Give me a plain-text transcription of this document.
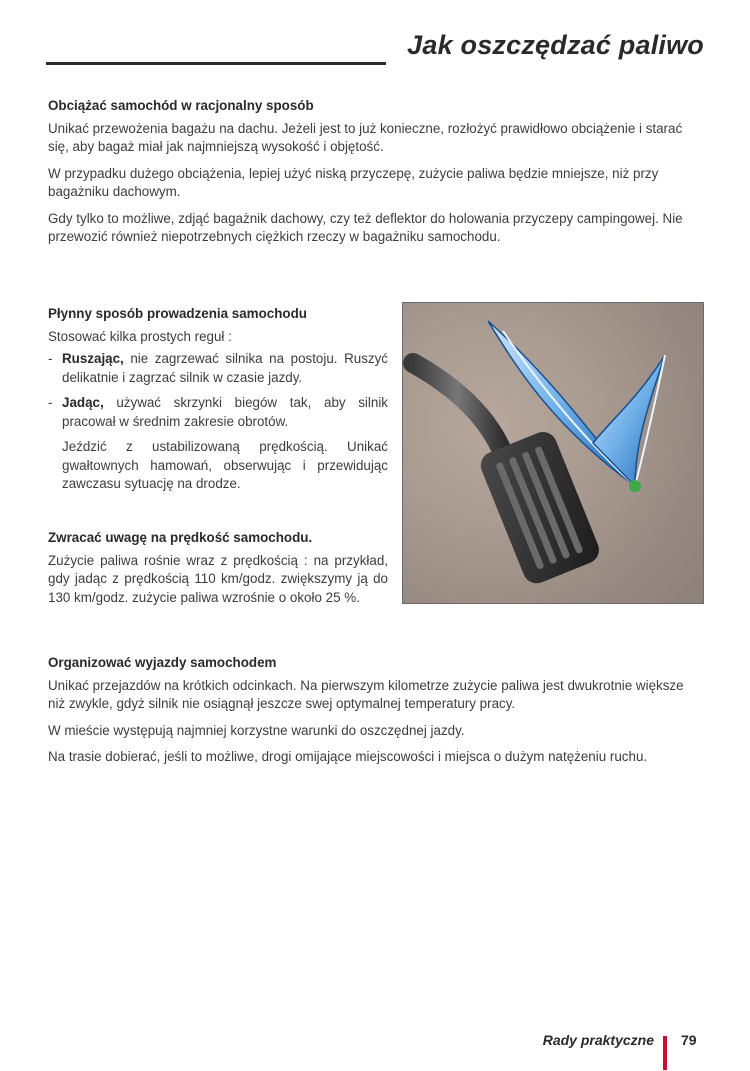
Jak oszczędzać paliwo
Obciążać samochód w racjonalny sposób

Unikać przewożenia bagażu na dachu. Jeżeli jest to już konieczne, rozłożyć prawidłowo obciążenie i starać się, aby bagaż miał jak najmniejszą wysokość i objętość.

W przypadku dużego obciążenia, lepiej użyć niską przyczepę, zużycie paliwa będzie mniejsze, niż przy bagażniku dachowym.

Gdy tylko to możliwe, zdjąć bagażnik dachowy, czy też deflektor do holowania przyczepy campingowej. Nie przewozić również niepotrzebnych ciężkich rzeczy w bagażniku samochodu.

Płynny sposób prowadzenia samochodu

Stosować kilka prostych reguł :

- Ruszając, nie zagrzewać silnika na postoju. Ruszyć delikatnie i zagrzać silnik w czasie jazdy.
- Jadąc, używać skrzynki biegów tak, aby silnik pracował w średnim zakresie obrotów.

Jeździć z ustabilizowaną prędkością. Unikać gwałtownych hamowań, obserwując i przewidując zawczasu sytuację na drodze.

Zwracać uwagę na prędkość samochodu.

Zużycie paliwa rośnie wraz z prędkością : na przykład, gdy jadąc z prędkością 110 km/godz. zwiększymy ją do 130 km/godz. zużycie paliwa wzrośnie o około 25 %.

Organizować wyjazdy samochodem

Unikać przejazdów na krótkich odcinkach. Na pierwszym kilometrze zużycie paliwa jest dwukrotnie większe niż zwykle, gdyż silnik nie osiągnął jeszcze swej optymalnej temperatury pracy.

W mieście występują najmniej korzystne warunki do oszczędnej jazdy.

Na trasie dobierać, jeśli to możliwe, drogi omijające miejscowości i miejsca o dużym natężeniu ruchu.

Rady praktyczne 79
